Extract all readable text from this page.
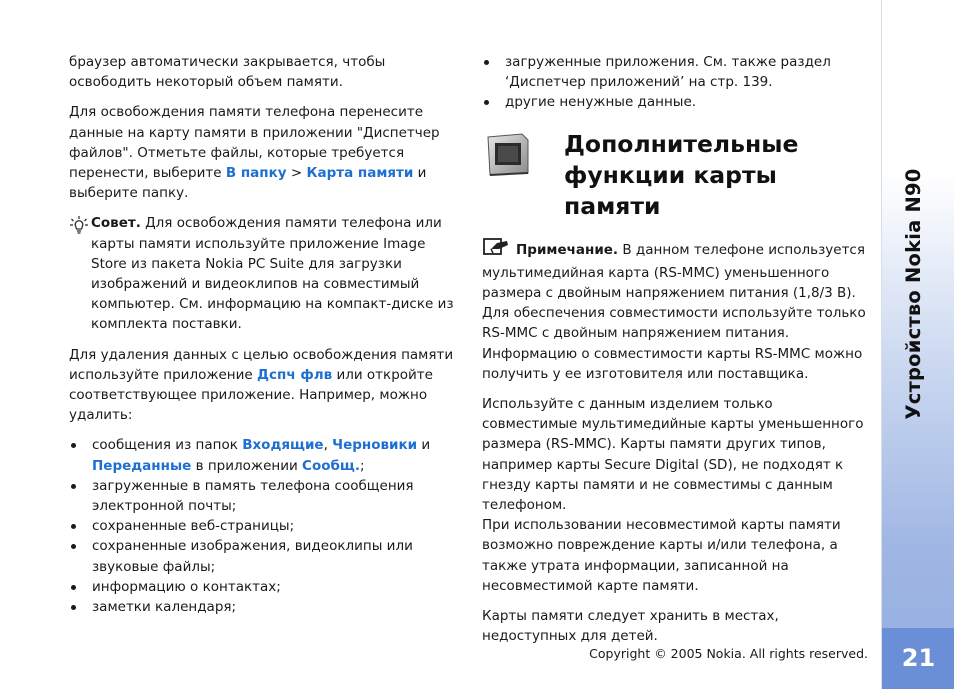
браузер автоматически закрывается, чтобы освободить некоторый объем памяти.

Для освобождения памяти телефона перенесите данные на карту памяти в приложении "Диспетчер файлов". Отметьте файлы, которые требуется перенести, выберите В папку > Карта памяти и выберите папку.

Совет. Для освобождения памяти телефона или карты памяти используйте приложение Image Store из пакета Nokia PC Suite для загрузки изображений и видеоклипов на совместимый компьютер. См. информацию на компакт-диске из комплекта поставки.

Для удаления данных с целью освобождения памяти используйте приложение Дспч флв или откройте соответствующее приложение. Например, можно удалить:

сообщения из папок Входящие, Черновики и Переданные в приложении Сообщ.;
загруженные в память телефона сообщения электронной почты;
сохраненные веб-страницы;
сохраненные изображения, видеоклипы или звуковые файлы;
информацию о контактах;
заметки календаря;
загруженные приложения. См. также раздел ‘Диспетчер приложений’ на стр. 139.
другие ненужные данные.
Дополнительные
функции карты памяти

Примечание. В данном телефоне используется мультимедийная карта (RS-MMC) уменьшенного размера с двойным напряжением питания (1,8/3 В). Для обеспечения совместимости используйте только RS-MMC с двойным напряжением питания. Информацию о совместимости карты RS-MMC можно получить у ее изготовителя или поставщика.

Используйте с данным изделием только совместимые мультимедийные карты уменьшенного размера (RS-MMC). Карты памяти других типов, например карты Secure Digital (SD), не подходят к гнезду карты памяти и не совместимы с данным телефоном.

При использовании несовместимой карты памяти возможно повреждение карты и/или телефона, а также утрата информации, записанной на несовместимой карте памяти.

Карты памяти следует хранить в местах, недоступных для детей.

Copyright © 2005 Nokia. All rights reserved.
Устройство Nokia N90
21
